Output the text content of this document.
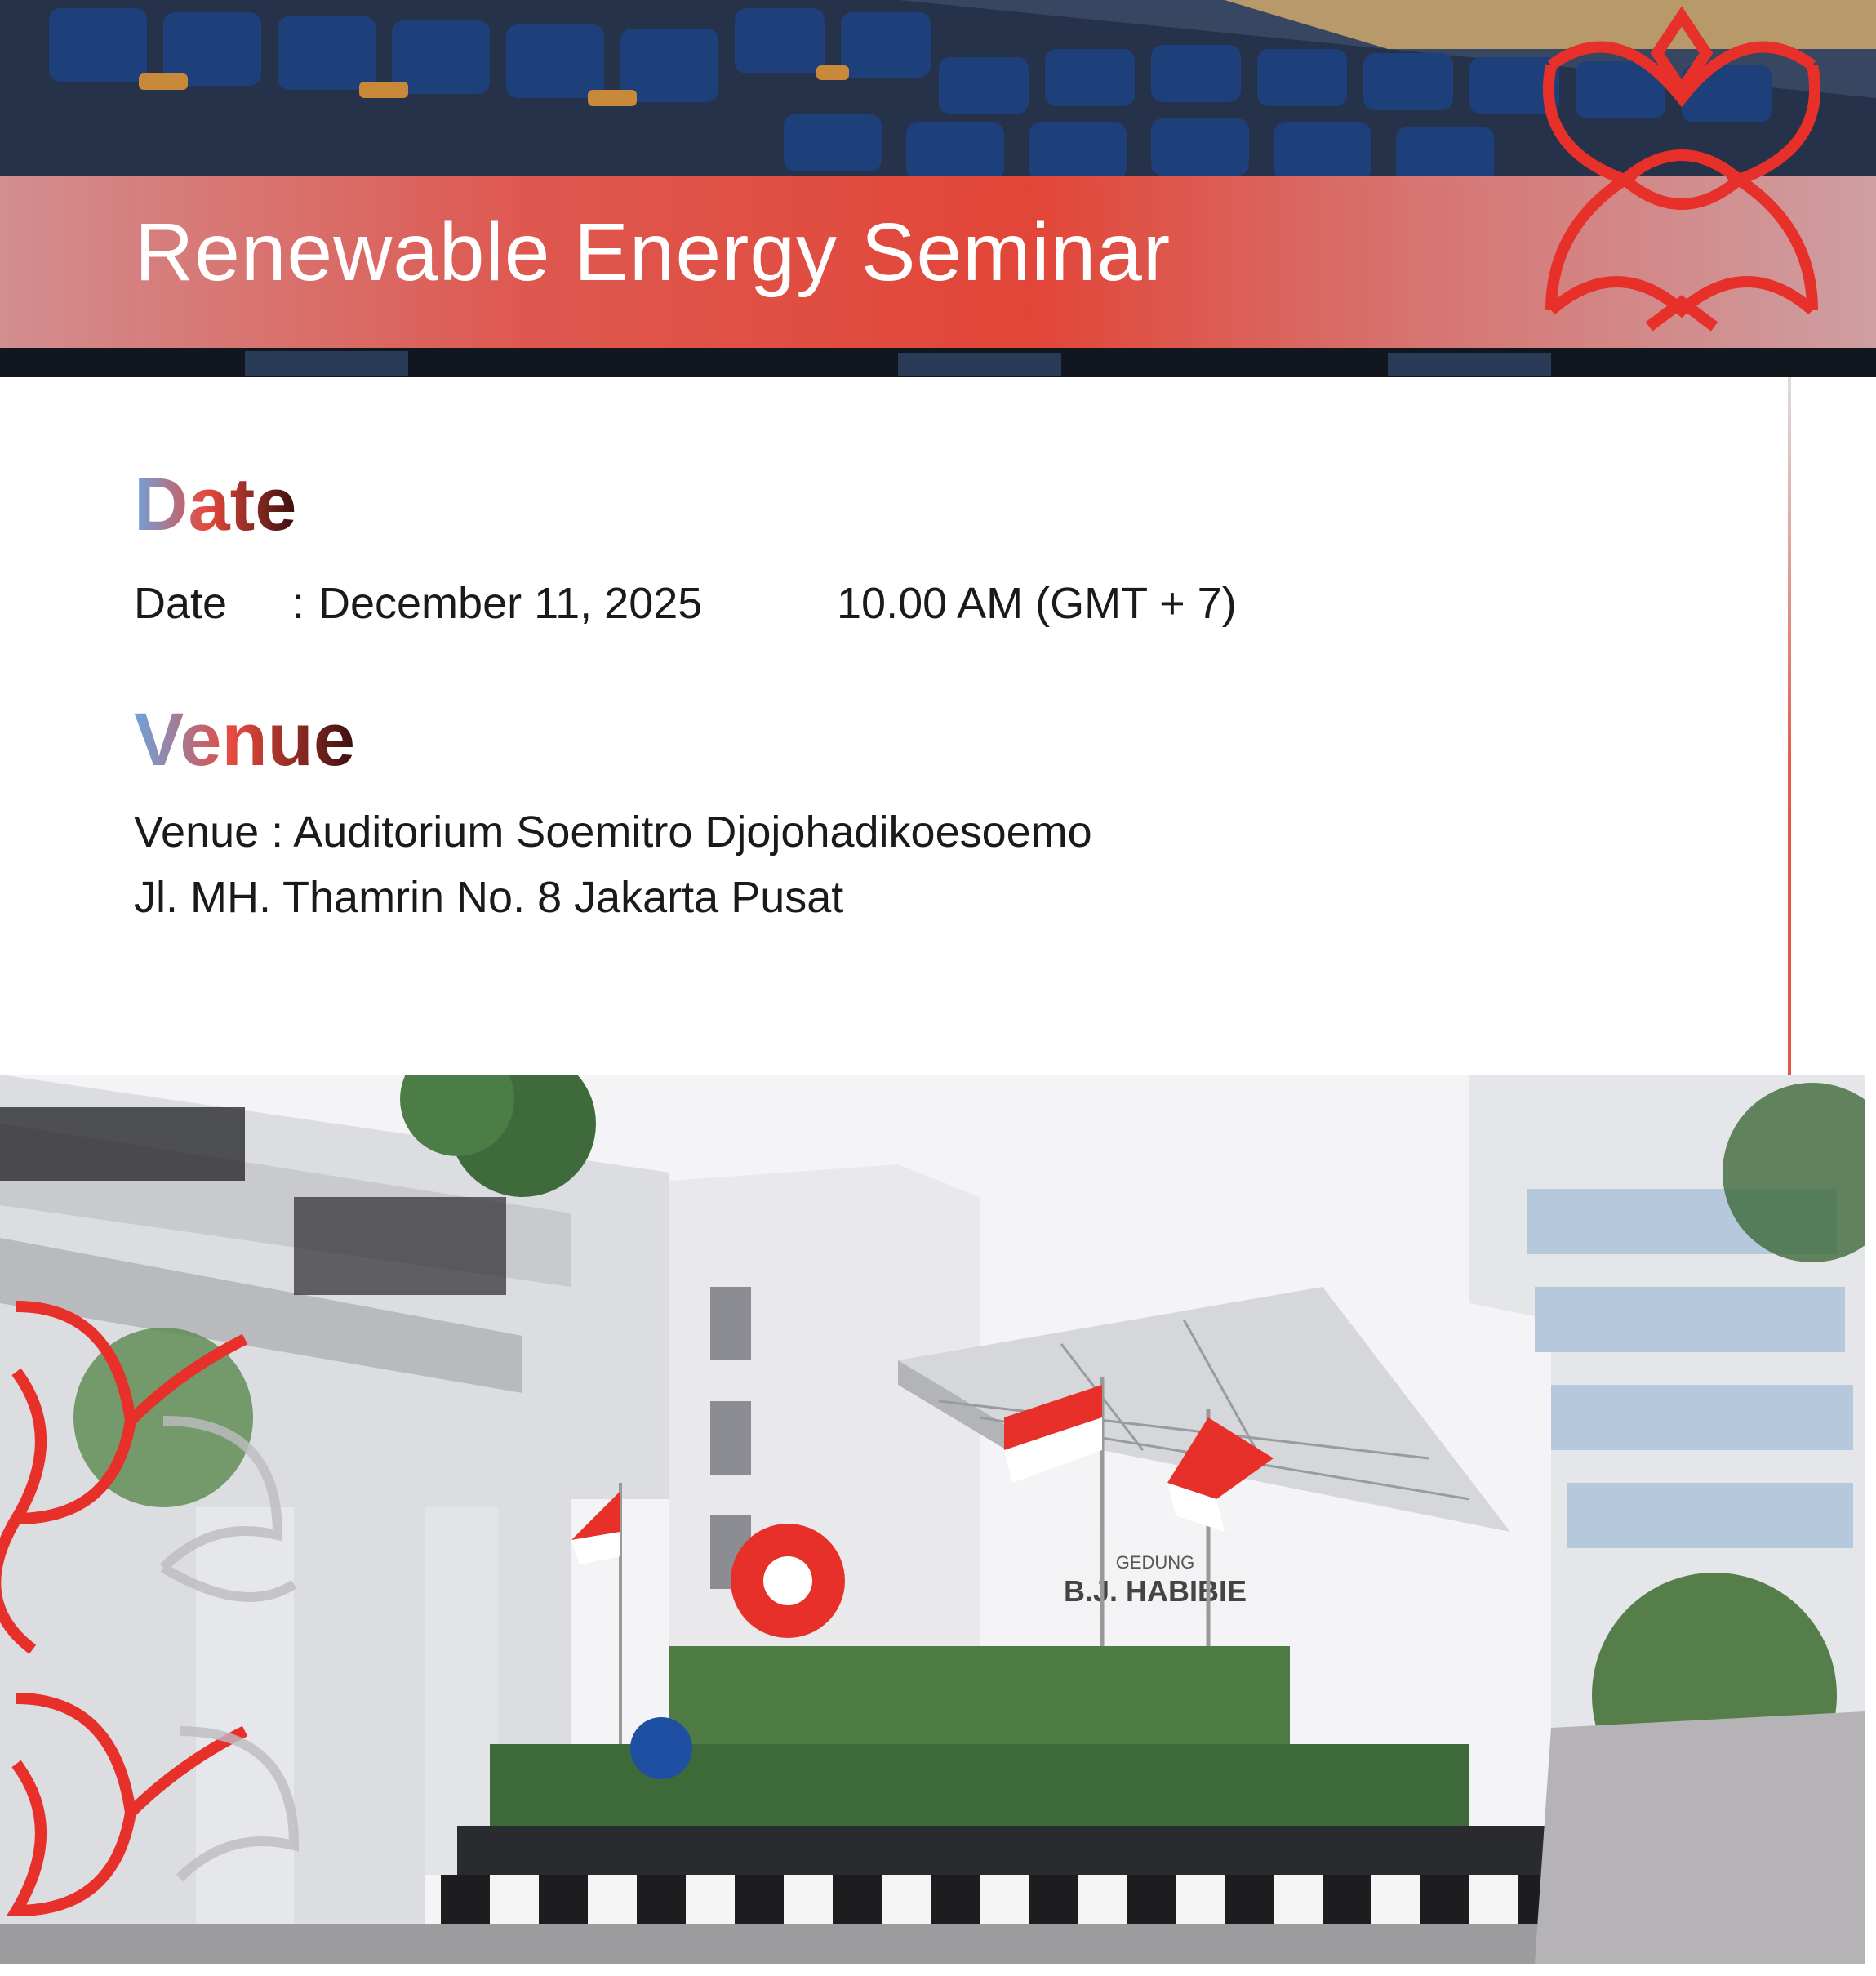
Renewable Energy Seminar
Date
Date : December 11, 2025	10.00 AM (GMT + 7)
Venue
Venue : Auditorium Soemitro Djojohadikoesoemo
Jl. MH. Thamrin No. 8 Jakarta Pusat
GEDUNG
B.J. HABIBIE
